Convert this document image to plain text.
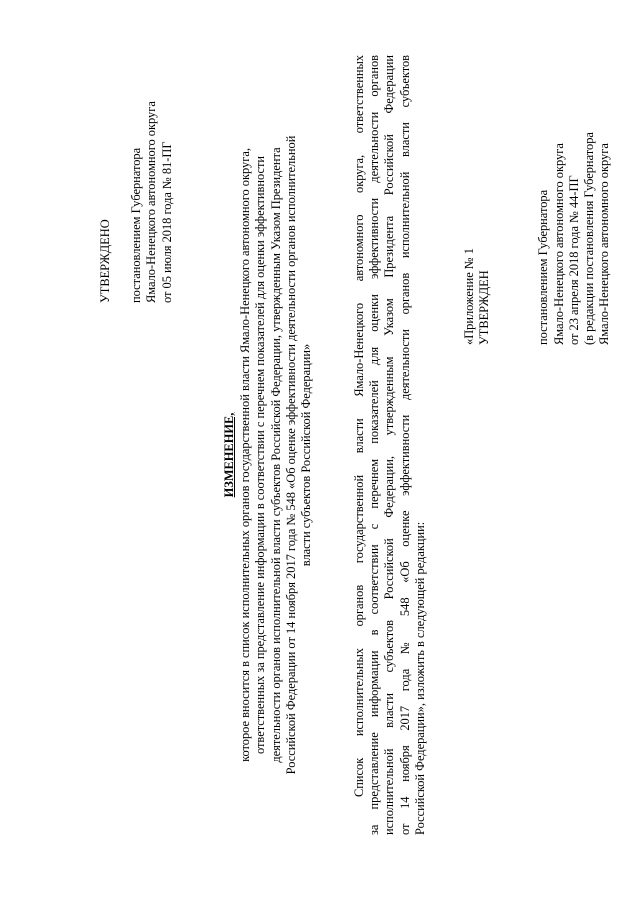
УТВЕРЖДЕНО постановлением Губернатора Ямало-Ненецкого автономного округа от 05 июля 2018 года № 81-ПГ
ИЗМЕНЕНИЕ, которое вносится в список исполнительных органов государственной власти Ямало-Ненецкого автономного округа, ответственных за представление информации в соответствии с перечнем показателей для оценки эффективности деятельности органов исполнительной власти субъектов Российской Федерации, утвержденным Указом Президента Российской Федерации от 14 ноября 2017 года № 548 «Об оценке эффективности деятельности органов исполнительной власти субъектов Российской Федерации»	Список исполнительных органов государственной власти Ямало-Ненецкого автономного округа, ответственных за представление информации в соответствии с перечнем показателей для оценки эффективности деятельности органов исполнительной власти субъектов Российской Федерации, утвержденным Указом Президента Российской Федерации от 14 ноября 2017 года № 548 «Об оценке эффективности деятельности органов исполнительной власти субъектов Российской Федерации», изложить в следующей редакции:
«Приложение № 1 УТВЕРЖДЕН	постановлением Губернатора Ямало-Ненецкого автономного округа от 23 апреля 2018 года № 44-ПГ (в редакции постановления Губернатора Ямало-Ненецкого автономного округа
